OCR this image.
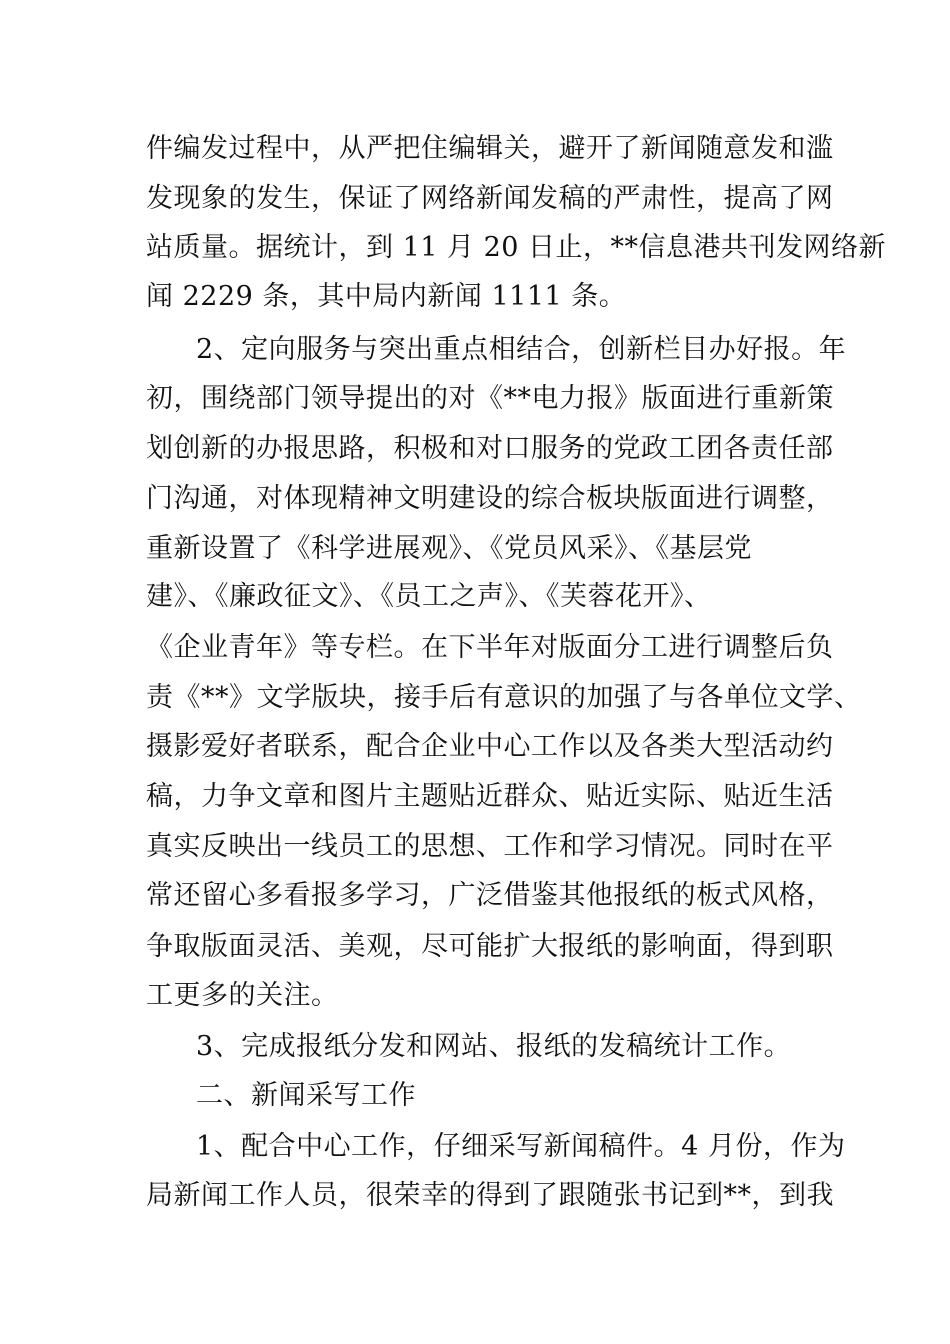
件编发过程中，从严把住编辑关，避开了新闻随意发和滥

发现象的发生，保证了网络新闻发稿的严肃性，提高了网

站质量。据统计，到 11 月 20 日止，**信息港共刊发网络新

闻 2229 条，其中局内新闻 1111 条。

2、定向服务与突出重点相结合，创新栏目办好报。年

初，围绕部门领导提出的对《**电力报》版面进行重新策

划创新的办报思路，积极和对口服务的党政工团各责任部

门沟通，对体现精神文明建设的综合板块版面进行调整，

重新设置了《科学进展观》、《党员风采》、《基层党

建》、《廉政征文》、《员工之声》、《芙蓉花开》、

《企业青年》等专栏。在下半年对版面分工进行调整后负

责《**》文学版块，接手后有意识的加强了与各单位文学、

摄影爱好者联系，配合企业中心工作以及各类大型活动约

稿，力争文章和图片主题贴近群众、贴近实际、贴近生活

真实反映出一线员工的思想、工作和学习情况。同时在平

常还留心多看报多学习，广泛借鉴其他报纸的板式风格，

争取版面灵活、美观，尽可能扩大报纸的影响面，得到职

工更多的关注。

3、完成报纸分发和网站、报纸的发稿统计工作。

二、新闻采写工作

1、配合中心工作，仔细采写新闻稿件。4 月份，作为

局新闻工作人员，很荣幸的得到了跟随张书记到**，到我
